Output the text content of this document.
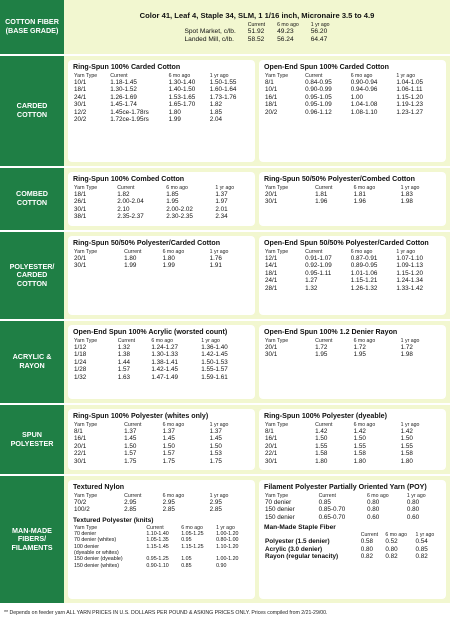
COTTON FIBER (BASE GRADE)
Color 41, Leaf 4, Staple 34, SLM, 1 1/16 inch, Micronaire 3.5 to 4.9
	Current	6 mo ago	1 yr ago
Spot Market, c/lb.	51.92	49.23	56.20
Landed Mill, c/lb.	58.52	56.24	64.47
CARDED COTTON
Ring-Spun 100% Carded Cotton
Yarn Type	Current	6 mo ago	1 yr ago
10/1	1.18-1.45	1.30-1.40	1.50-1.55
18/1	1.30-1.52	1.40-1.50	1.60-1.64
24/1	1.26-1.69	1.53-1.65	1.73-1.76
30/1	1.45-1.74	1.65-1.70	1.82
12/2	1.45ce-1.78rs	1.80	1.85
20/2	1.72ce-1.95rs	1.99	2.04
Open-End Spun 100% Carded Cotton
Yarn Type	Current	6 mo ago	1 yr ago
8/1	0.84-0.95	0.90-0.94	1.04-1.05
10/1	0.90-0.99	0.94-0.96	1.06-1.11
16/1	0.95-1.05	1.00	1.15-1.20
18/1	0.95-1.09	1.04-1.08	1.19-1.23
20/2	0.96-1.12	1.08-1.10	1.23-1.27
COMBED COTTON
Ring-Spun 100% Combed Cotton
Yarn Type	Current	6 mo ago	1 yr ago
18/1	1.82	1.85	1.37
26/1	2.00-2.04	1.95	1.97
30/1	2.10	2.00-2.02	2.01
38/1	2.35-2.37	2.30-2.35	2.34
Ring-Spun 50/50% Polyester/Combed Cotton
Yarn Type	Current	6 mo ago	1 yr ago
20/1	1.81	1.81	1.83
30/1	1.96	1.96	1.98
POLYESTER/ CARDED COTTON
Ring-Spun 50/50% Polyester/Carded Cotton
Yarn Type	Current	6 mo ago	1 yr ago
20/1	1.80	1.80	1.76
30/1	1.99	1.99	1.91
Open-End Spun 50/50% Polyester/Carded Cotton
Yarn Type	Current	6 mo ago	1 yr ago
12/1	0.91-1.07	0.87-0.91	1.07-1.10
14/1	0.92-1.09	0.89-0.95	1.09-1.13
18/1	0.95-1.11	1.01-1.06	1.15-1.20
24/1	1.27	1.15-1.21	1.24-1.34
28/1	1.32	1.26-1.32	1.33-1.42
ACRYLIC & RAYON
Open-End Spun 100% Acrylic (worsted count)
Yarn Type	Current	6 mo ago	1 yr ago
1/12	1.32	1.24-1.27	1.36-1.40
1/18	1.38	1.30-1.33	1.42-1.45
1/24	1.44	1.38-1.41	1.50-1.53
1/28	1.57	1.42-1.45	1.55-1.57
1/32	1.63	1.47-1.49	1.59-1.61
Open-End Spun 100% 1.2 Denier Rayon
Yarn Type	Current	6 mo ago	1 yr ago
20/1	1.72	1.72	1.72
30/1	1.95	1.95	1.98
SPUN POLYESTER
Ring-Spun 100% Polyester (whites only)
Yarn Type	Current	6 mo ago	1 yr ago
8/1	1.37	1.37	1.37
16/1	1.45	1.45	1.45
20/1	1.50	1.50	1.50
22/1	1.57	1.57	1.53
30/1	1.75	1.75	1.75
Ring-Spun 100% Polyester (dyeable)
Yarn Type	Current	6 mo ago	1 yr ago
8/1	1.42	1.42	1.42
16/1	1.50	1.50	1.50
20/1	1.55	1.55	1.55
22/1	1.58	1.58	1.58
30/1	1.80	1.80	1.80
MAN-MADE FIBERS/ FILAMENTS
Textured Nylon
Yarn Type	Current	6 mo ago	1 yr ago
70/2	2.95	2.95	2.95
100/2	2.85	2.85	2.85
Textured Polyester (knits)
Yarn Type	Current	6 mo ago	1 yr ago
70 denier	1.10-1.40	1.05-1.25	1.00-1.20
70 denier (whites)	1.05-1.35	0.95	0.80-1.00
100 denier	1.15-1.45	1.15-1.25	1.10-1.20
(dyeable or whites)			
150 denier (dyeable)	0.95-1.25	1.05	1.00-1.20
150 denier (whites)	0.90-1.10	0.85	0.90
Filament Polyester Partially Oriented Yarn (POY)
Yarn Type	Current	6 mo ago	1 yr ago
70 denier	0.85	0.80	0.80
150 denier	0.85-0.70	0.80	0.80
150 denier	0.65-0.70	0.60	0.60
Man-Made Staple Fiber
	Current	6 mo ago	1 yr ago
Polyester (1.5 denier)	0.58	0.52	0.54
Acrylic (3.0 denier)	0.80	0.80	0.85
Rayon (regular tenacity)	0.82	0.82	0.82
** Depends on feeder yarn ALL YARN PRICES IN U.S. DOLLARS PER POUND & ASKING PRICES ONLY. Prices compiled from 2/21-29/00.
